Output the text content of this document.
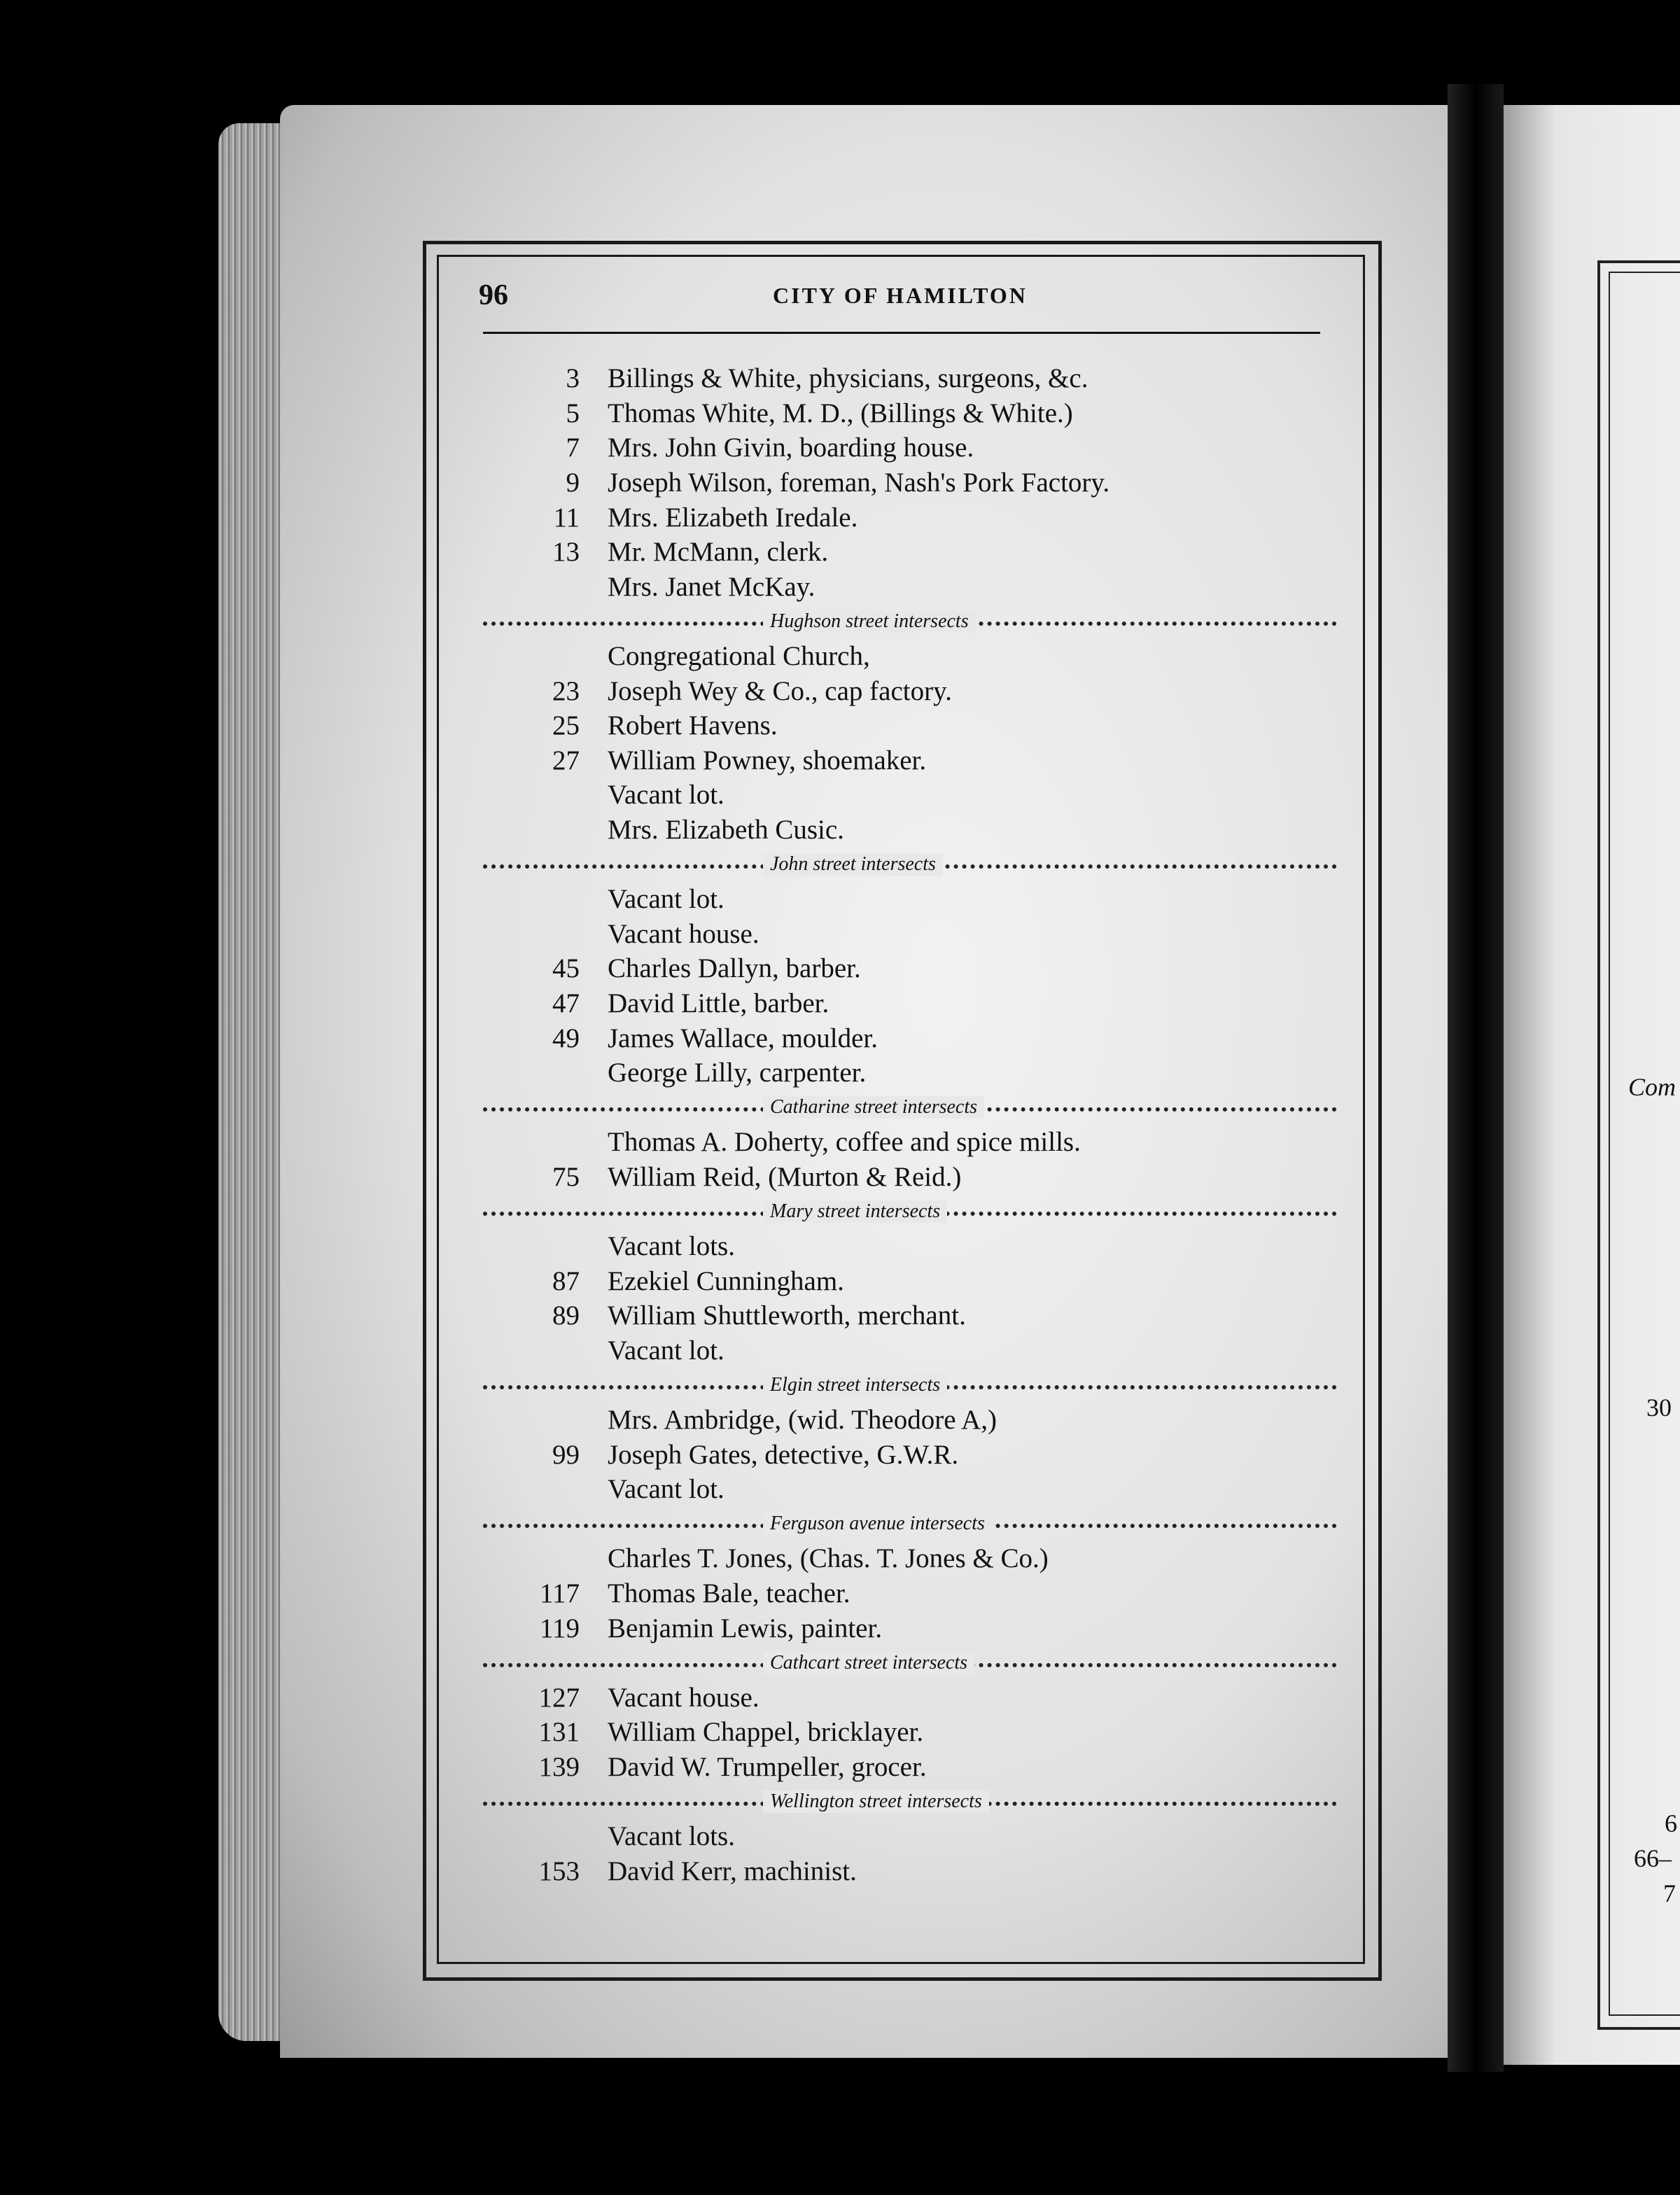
Com
30
6
66–
7
96	CITY OF HAMILTON
3	Billings & White, physicians, surgeons, &c.
5	Thomas White, M. D., (Billings & White.)
7	Mrs. John Givin, boarding house.
9	Joseph Wilson, foreman, Nash's Pork Factory.
11	Mrs. Elizabeth Iredale.
13	Mr. McMann, clerk.
Mrs. Janet McKay.
Hughson street intersects
Congregational Church,
23	Joseph Wey & Co., cap factory.
25	Robert Havens.
27	William Powney, shoemaker.
Vacant lot.
Mrs. Elizabeth Cusic.
John street intersects
Vacant lot.
Vacant house.
45	Charles Dallyn, barber.
47	David Little, barber.
49	James Wallace, moulder.
George Lilly, carpenter.
Catharine street intersects
Thomas A. Doherty, coffee and spice mills.
75	William Reid, (Murton & Reid.)
Mary street intersects
Vacant lots.
87	Ezekiel Cunningham.
89	William Shuttleworth, merchant.
Vacant lot.
Elgin street intersects
Mrs. Ambridge, (wid. Theodore A,)
99	Joseph Gates, detective, G.W.R.
Vacant lot.
Ferguson avenue intersects
Charles T. Jones, (Chas. T. Jones & Co.)
117	Thomas Bale, teacher.
119	Benjamin Lewis, painter.
Cathcart street intersects
127	Vacant house.
131	William Chappel, bricklayer.
139	David W. Trumpeller, grocer.
Wellington street intersects
Vacant lots.
153	David Kerr, machinist.
